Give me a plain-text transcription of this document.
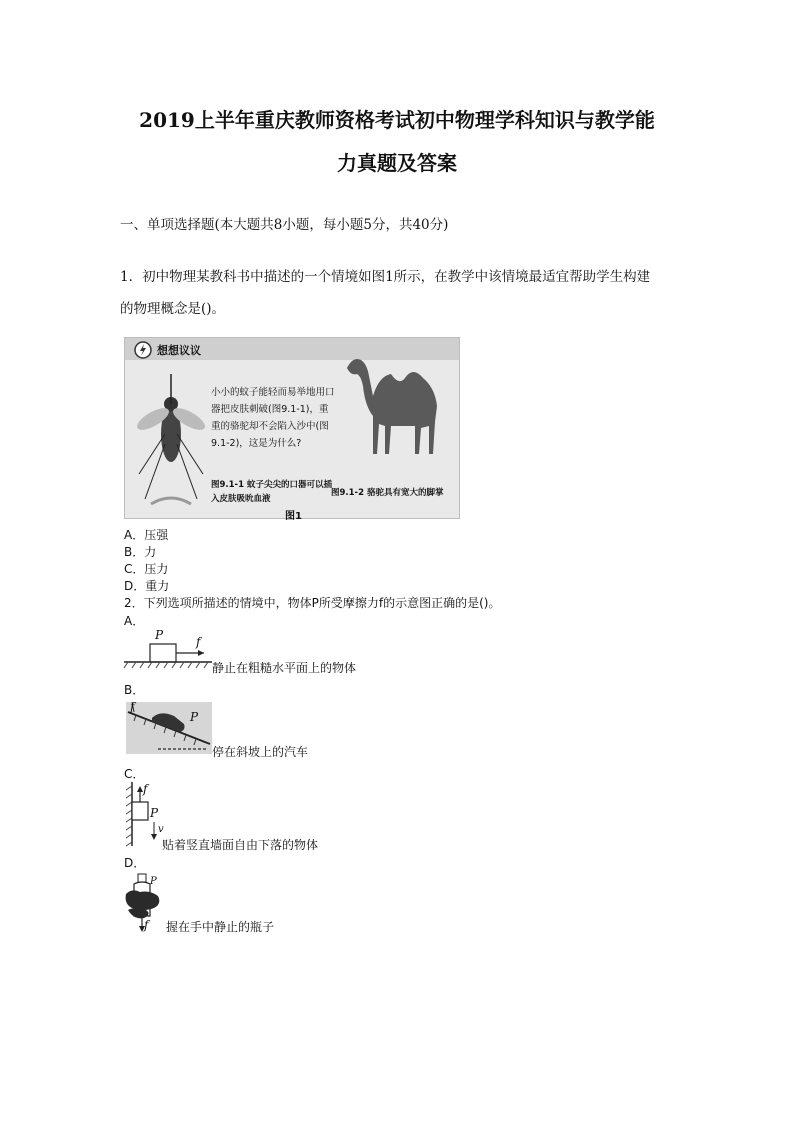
2019上半年重庆教师资格考试初中物理学科知识与教学能
力真题及答案
一、单项选择题(本大题共8小题，每小题5分，共40分)
1．初中物理某教科书中描述的一个情境如图1所示，在教学中该情境最适宜帮助学生构建
的物理概念是()。
想想议议
小小的蚊子能轻而易举地用口器把皮肤刺破(图9.1-1)，重重的骆驼却不会陷入沙中(图9.1-2)，这是为什么?
图9.1-1 蚊子尖尖的口器可以插入皮肤吸吮血液
图9.1-2 骆驼具有宽大的脚掌
图1
A．压强
B．力
C．压力
D．重力
2．下列选项所描述的情境中，物体P所受摩擦力f的示意图正确的是()。
A．
P	f
静止在粗糙水平面上的物体
B．
f
P
停在斜坡上的汽车
C．
f
P
v
贴着竖直墙面自由下落的物体
D．
P
f 握在手中静止的瓶子
